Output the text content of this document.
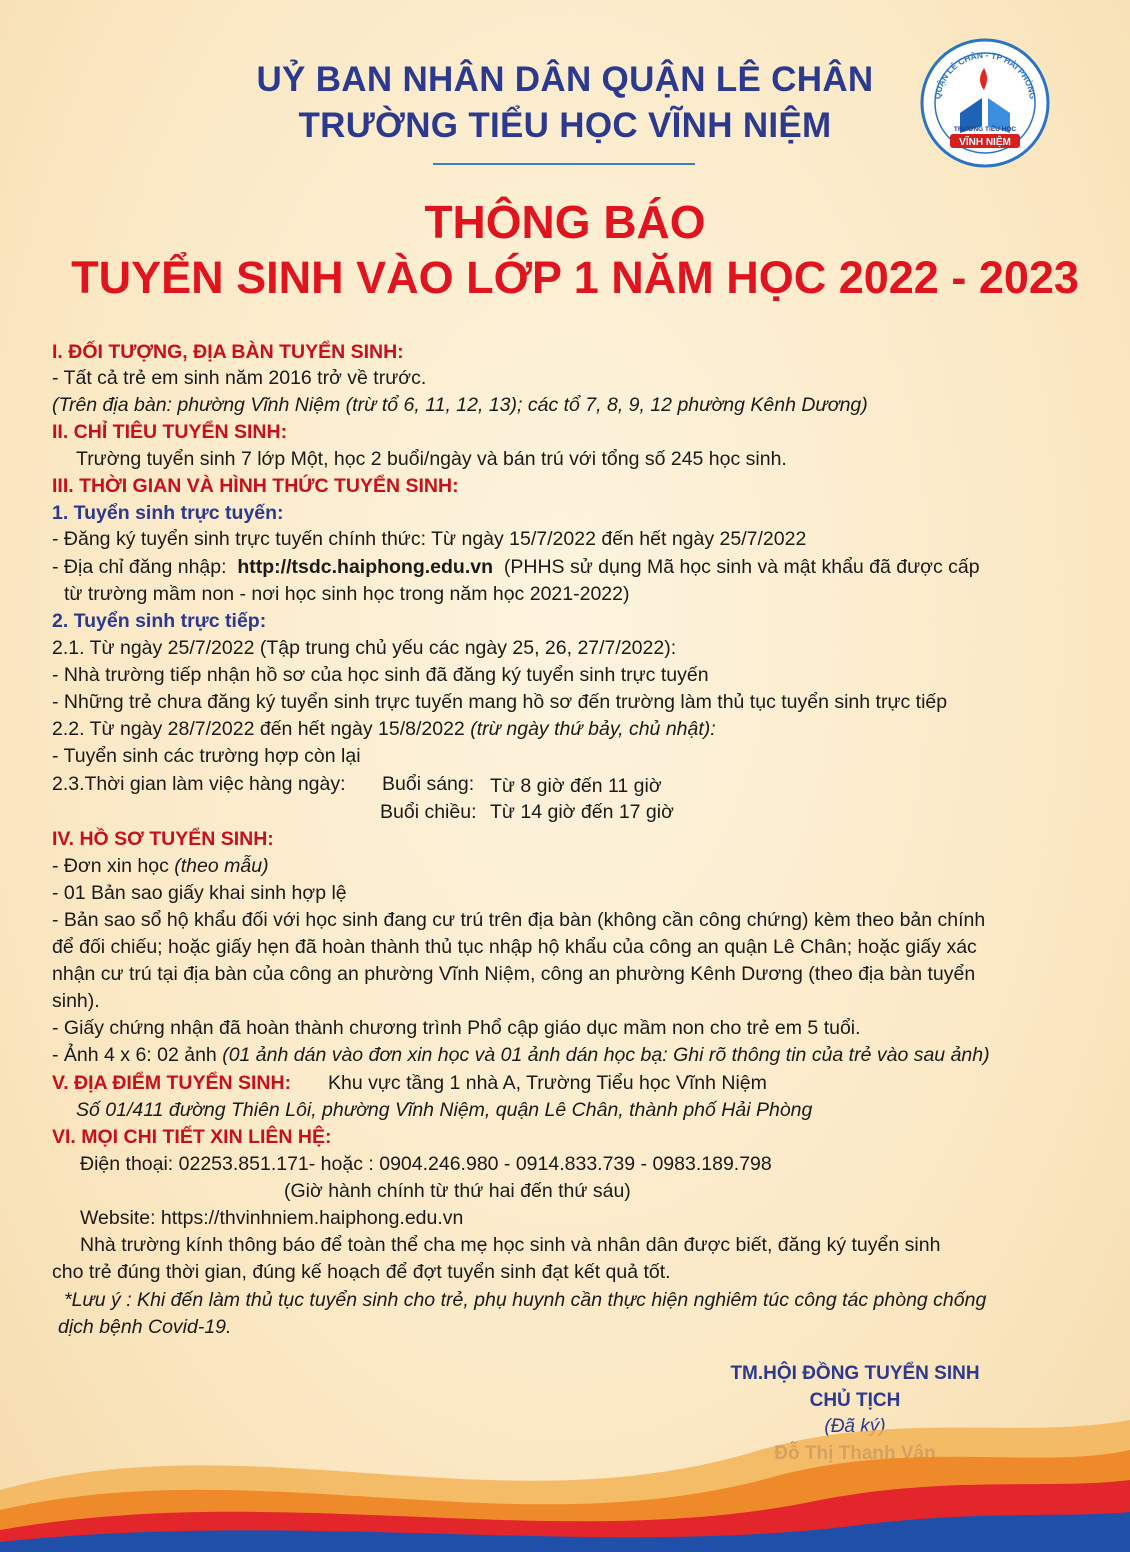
UỶ BAN NHÂN DÂN QUẬN LÊ CHÂN
TRƯỜNG TIỂU HỌC VĨNH NIỆM
QUẬN LÊ CHÂN - TP HẢI PHÒNG
TRƯỜNG TIỂU HỌC
VĨNH NIỆM
THÔNG BÁO
TUYỂN SINH VÀO LỚP 1 NĂM HỌC 2022 - 2023
I. ĐỐI TƯỢNG, ĐỊA BÀN TUYỂN SINH:
- Tất cả trẻ em sinh năm 2016 trở về trước.
(Trên địa bàn: phường Vĩnh Niệm (trừ tổ 6, 11, 12, 13); các tổ 7, 8, 9, 12 phường Kênh Dương)
II. CHỈ TIÊU TUYỂN SINH:
Trường tuyển sinh 7 lớp Một, học 2 buổi/ngày và bán trú với tổng số 245 học sinh.
III. THỜI GIAN VÀ HÌNH THỨC TUYỂN SINH:
1. Tuyển sinh trực tuyến:
- Đăng ký tuyển sinh trực tuyến chính thức: Từ ngày 15/7/2022 đến hết ngày 25/7/2022
- Địa chỉ đăng nhập: http://tsdc.haiphong.edu.vn (PHHS sử dụng Mã học sinh và mật khẩu đã được cấp
từ trường mầm non - nơi học sinh học trong năm học 2021-2022)
2. Tuyển sinh trực tiếp:
2.1. Từ ngày 25/7/2022 (Tập trung chủ yếu các ngày 25, 26, 27/7/2022):
- Nhà trường tiếp nhận hồ sơ của học sinh đã đăng ký tuyển sinh trực tuyến
- Những trẻ chưa đăng ký tuyển sinh trực tuyến mang hồ sơ đến trường làm thủ tục tuyển sinh trực tiếp
2.2. Từ ngày 28/7/2022 đến hết ngày 15/8/2022 (trừ ngày thứ bảy, chủ nhật):
- Tuyển sinh các trường hợp còn lại
2.3.Thời gian làm việc hàng ngày: Buổi sáng: Từ 8 giờ đến 11 giờ
Buổi chiều: Từ 14 giờ đến 17 giờ
IV. HỒ SƠ TUYỂN SINH:
- Đơn xin học (theo mẫu)
- 01 Bản sao giấy khai sinh hợp lệ
- Bản sao sổ hộ khẩu đối với học sinh đang cư trú trên địa bàn (không cần công chứng) kèm theo bản chính
để đối chiếu; hoặc giấy hẹn đã hoàn thành thủ tục nhập hộ khẩu của công an quận Lê Chân; hoặc giấy xác
nhận cư trú tại địa bàn của công an phường Vĩnh Niệm, công an phường Kênh Dương (theo địa bàn tuyển
sinh).
- Giấy chứng nhận đã hoàn thành chương trình Phổ cập giáo dục mầm non cho trẻ em 5 tuổi.
- Ảnh 4 x 6: 02 ảnh (01 ảnh dán vào đơn xin học và 01 ảnh dán học bạ: Ghi rõ thông tin của trẻ vào sau ảnh)
V. ĐỊA ĐIỂM TUYỂN SINH: Khu vực tầng 1 nhà A, Trường Tiểu học Vĩnh Niệm
Số 01/411 đường Thiên Lôi, phường Vĩnh Niệm, quận Lê Chân, thành phố Hải Phòng
VI. MỌI CHI TIẾT XIN LIÊN HỆ:
Điện thoại: 02253.851.171- hoặc : 0904.246.980 - 0914.833.739 - 0983.189.798
(Giờ hành chính từ thứ hai đến thứ sáu)
Website: https://thvinhniem.haiphong.edu.vn
Nhà trường kính thông báo để toàn thể cha mẹ học sinh và nhân dân được biết, đăng ký tuyển sinh
cho trẻ đúng thời gian, đúng kế hoạch để đợt tuyển sinh đạt kết quả tốt.
*Lưu ý : Khi đến làm thủ tục tuyển sinh cho trẻ, phụ huynh cần thực hiện nghiêm túc công tác phòng chống
dịch bệnh Covid-19.
TM.HỘI ĐỒNG TUYỂN SINH
CHỦ TỊCH
(Đã ký)
